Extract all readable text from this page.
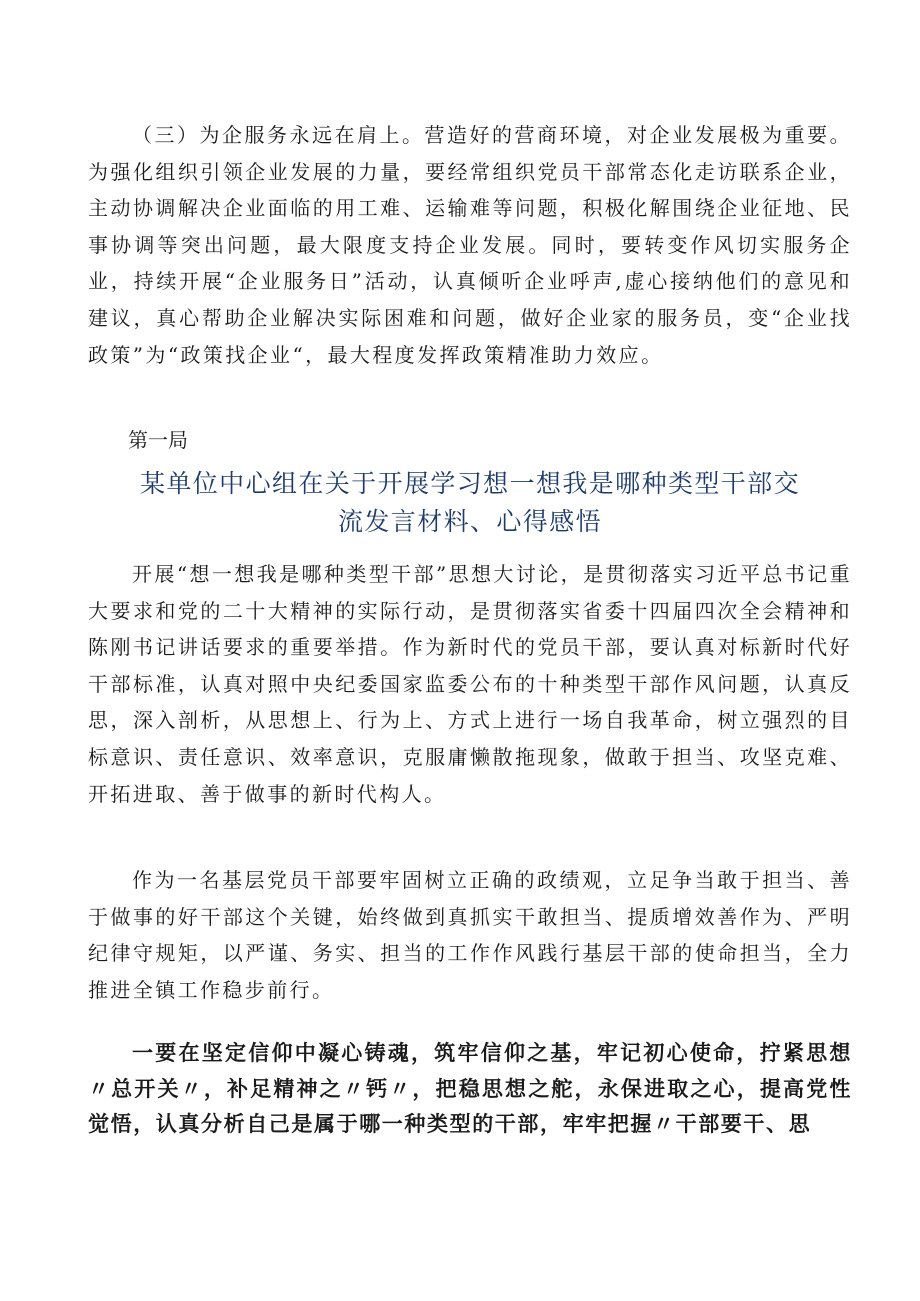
（三）为企服务永远在肩上。营造好的营商环境，对企业发展极为重要。为强化组织引领企业发展的力量，要经常组织党员干部常态化走访联系企业，主动协调解决企业面临的用工难、运输难等问题，积极化解围绕企业征地、民事协调等突出问题，最大限度支持企业发展。同时，要转变作风切实服务企业，持续开展“企业服务日”活动，认真倾听企业呼声,虚心接纳他们的意见和建议，真心帮助企业解决实际困难和问题，做好企业家的服务员，变“企业找政策”为“政策找企业“，最大程度发挥政策精准助力效应。

第一局
某单位中心组在关于开展学习想一想我是哪种类型干部交
流发言材料、心得感悟

开展“想一想我是哪种类型干部”思想大讨论，是贯彻落实习近平总书记重大要求和党的二十大精神的实际行动，是贯彻落实省委十四届四次全会精神和陈刚书记讲话要求的重要举措。作为新时代的党员干部，要认真对标新时代好干部标准，认真对照中央纪委国家监委公布的十种类型干部作风问题，认真反思，深入剖析，从思想上、行为上、方式上进行一场自我革命，树立强烈的目标意识、责任意识、效率意识，克服庸懒散拖现象，做敢于担当、攻坚克难、开拓进取、善于做事的新时代构人。

作为一名基层党员干部要牢固树立正确的政绩观，立足争当敢于担当、善于做事的好干部这个关键，始终做到真抓实干敢担当、提质增效善作为、严明纪律守规矩，以严谨、务实、担当的工作作风践行基层干部的使命担当，全力推进全镇工作稳步前行。

一要在坚定信仰中凝心铸魂，筑牢信仰之基，牢记初心使命，拧紧思想〃总开关〃，补足精神之〃钙〃，把稳思想之舵，永保进取之心，提高党性觉悟，认真分析自己是属于哪一种类型的干部，牢牢把握〃干部要干、思
